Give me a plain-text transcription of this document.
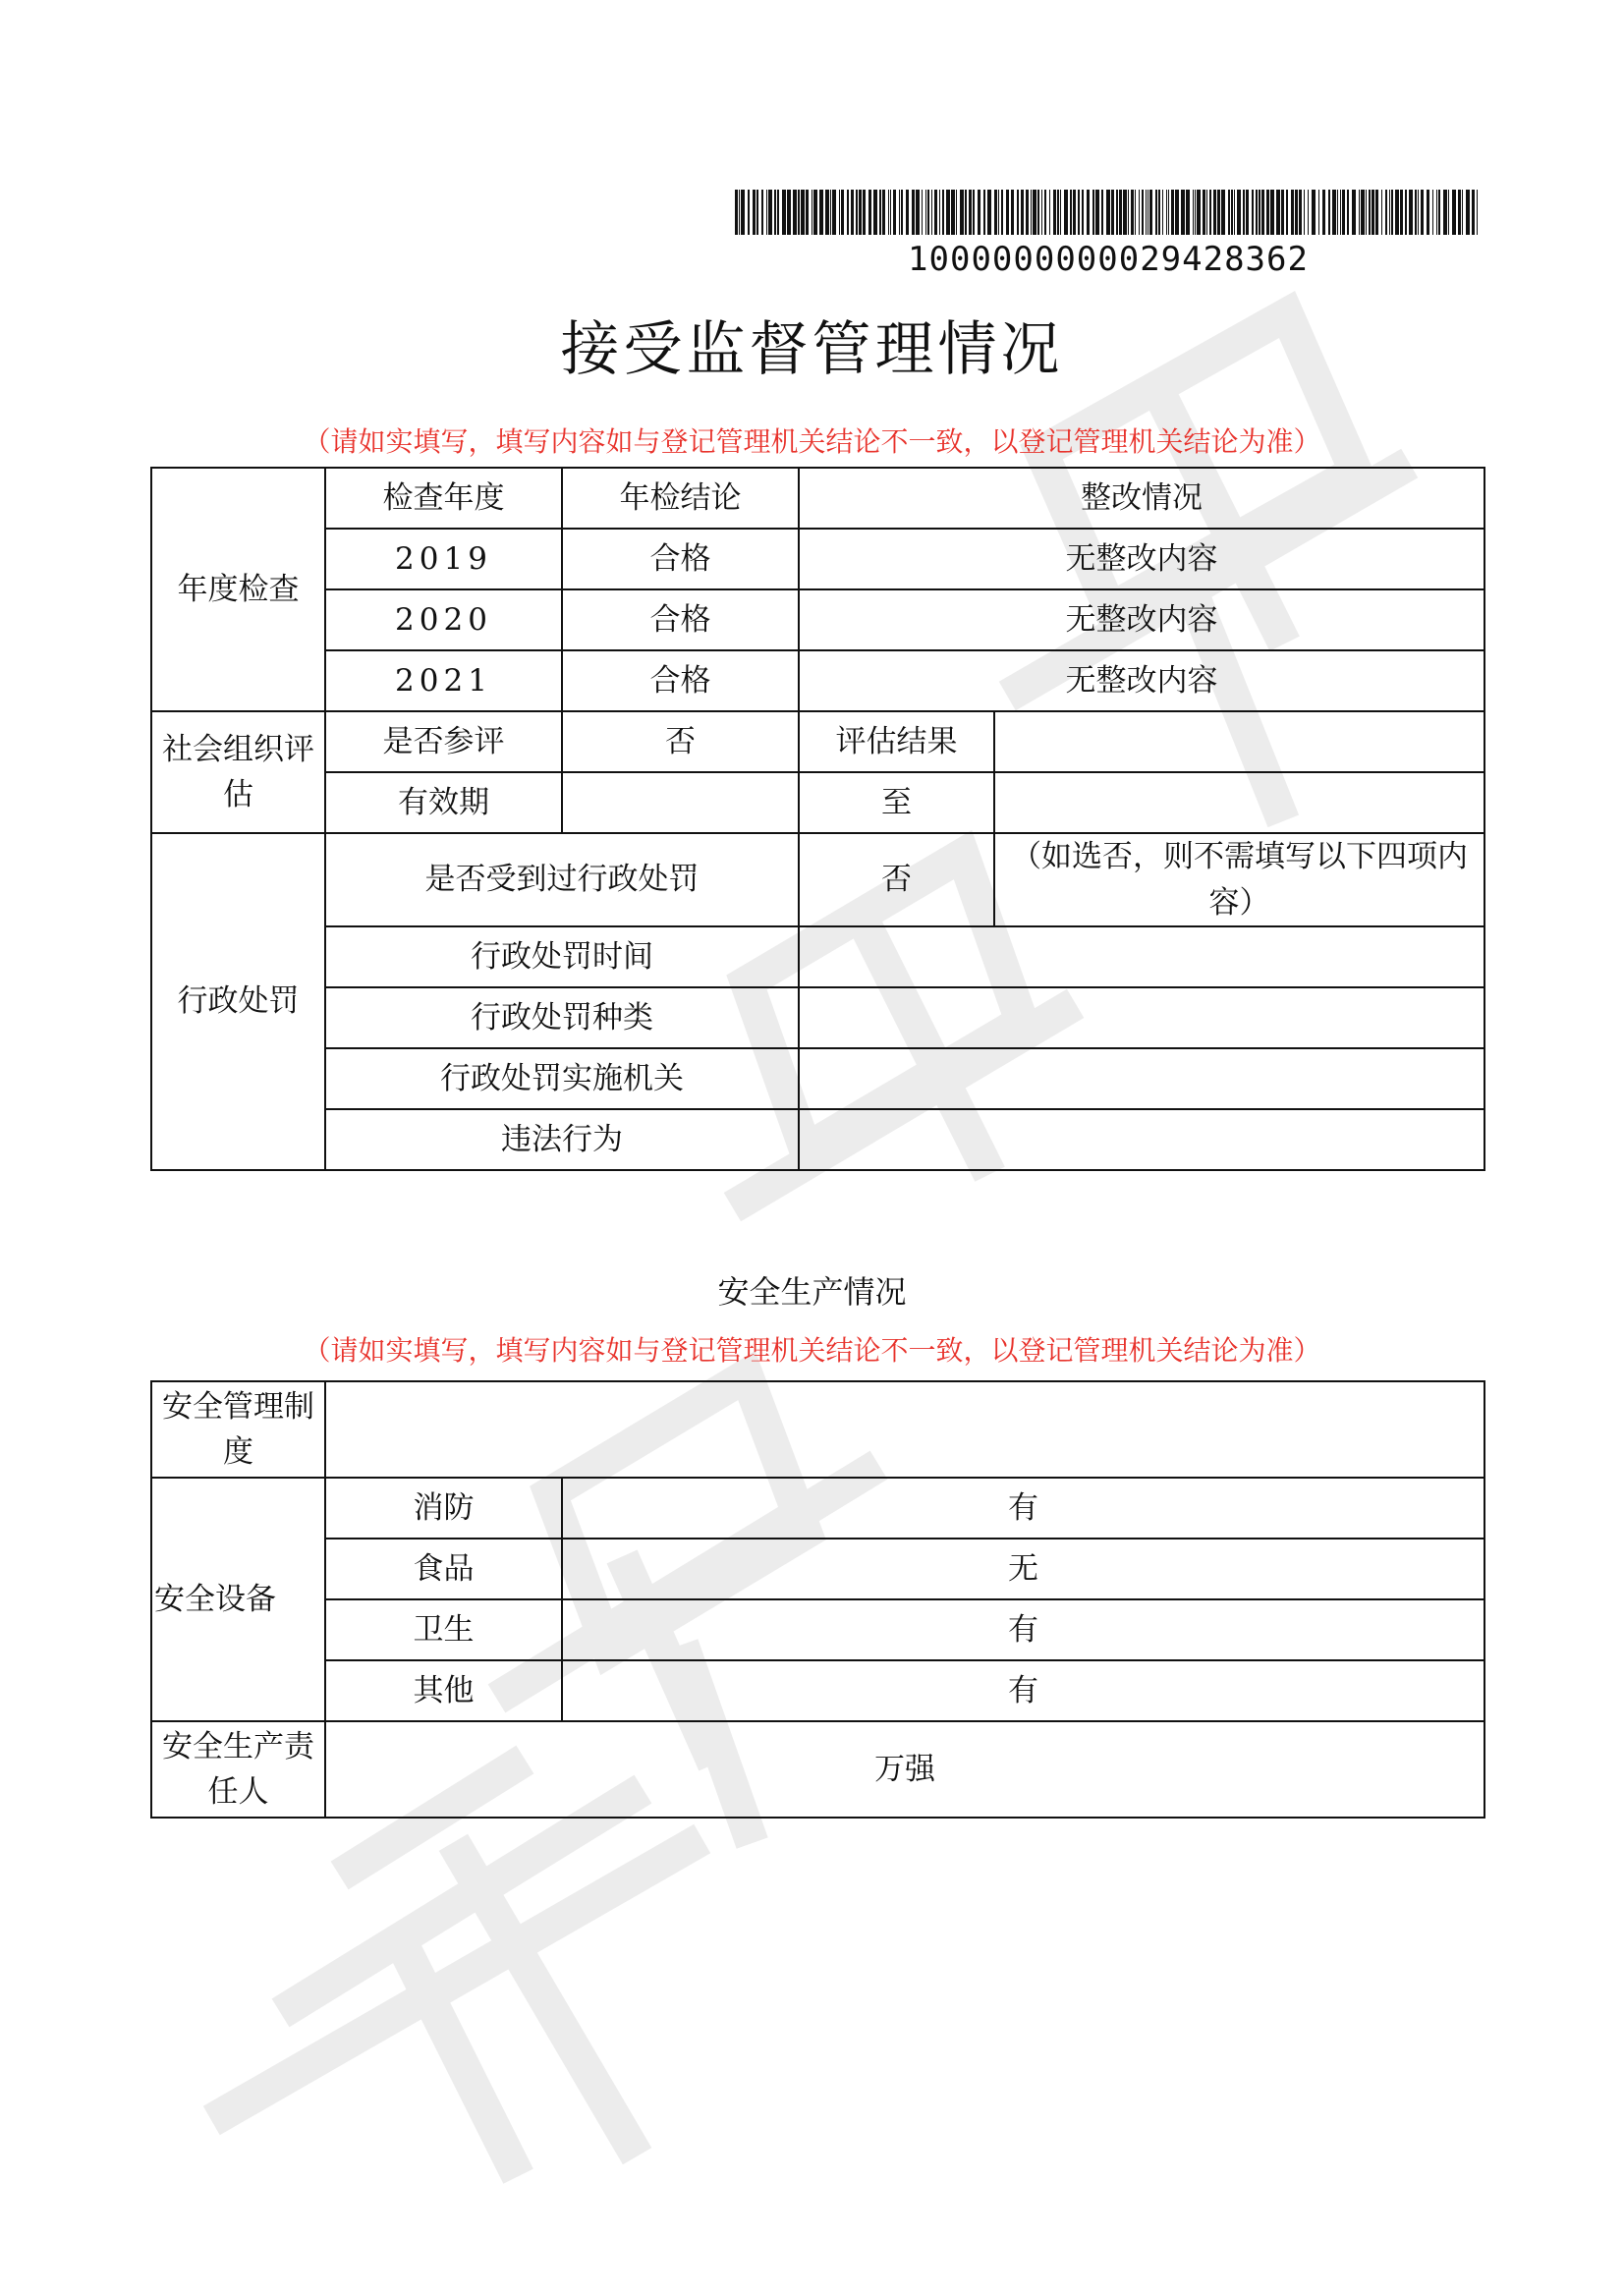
1000000000029428362
接受监督管理情况
（请如实填写，填写内容如与登记管理机关结论不一致，以登记管理机关结论为准）
年度检查	检查年度	年检结论	整改情况	
	2019	合格	无整改内容	
	2020	合格	无整改内容	
	2021	合格	无整改内容	
社会组织评估	是否参评	否	评估结果	
	有效期		至	
行政处罚	是否受到过行政处罚		否	（如选否，则不需填写以下四项内容）
	行政处罚时间			
	行政处罚种类			
	行政处罚实施机关			
	违法行为			
安全生产情况
（请如实填写，填写内容如与登记管理机关结论不一致，以登记管理机关结论为准）
安全管理制度		
安全设备	消防	有
	食品	无
	卫生	有
	其他	有
安全生产责任人	万强	
